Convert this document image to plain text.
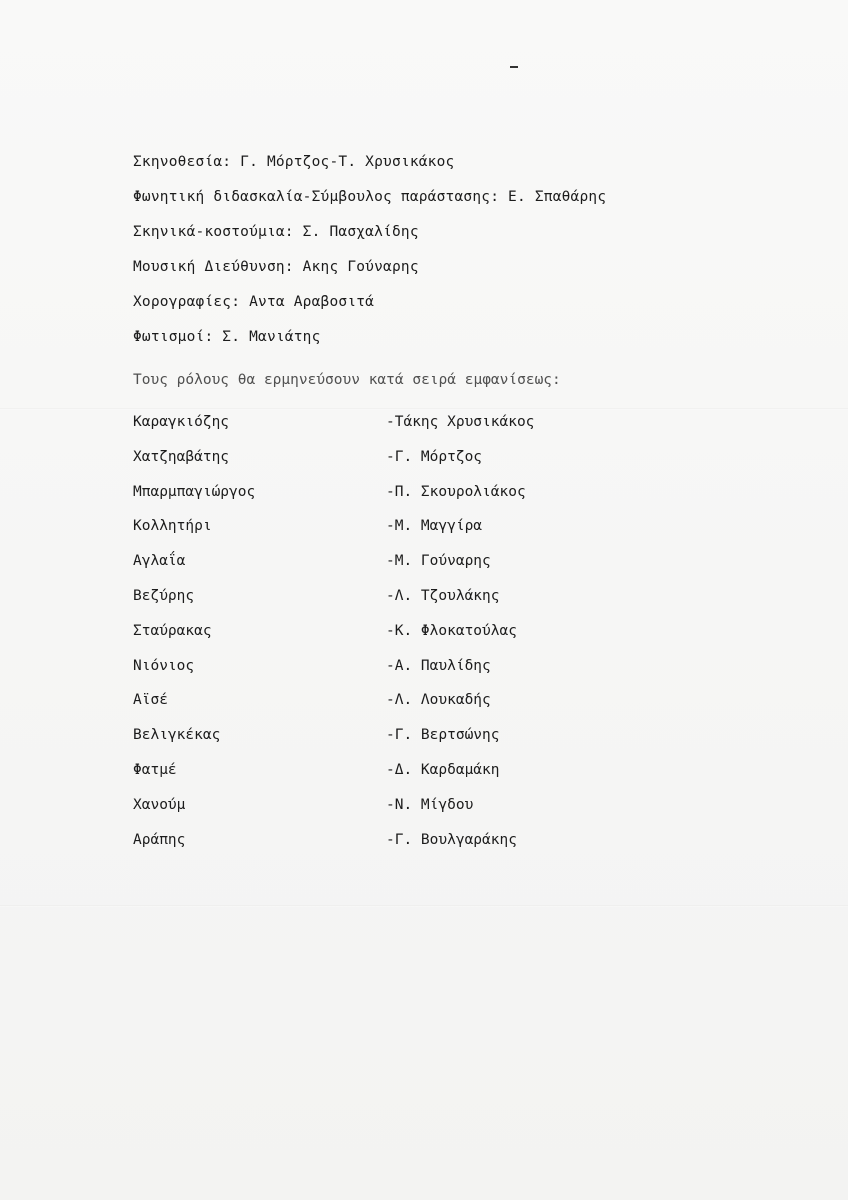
Σκηνοθεσία: Γ. Μόρτζος-Τ. Χρυσικάκος
Φωνητική διδασκαλία-Σύμβουλος παράστασης: Ε. Σπαθάρης
Σκηνικά-κοστούμια: Σ. Πασχαλίδης
Μουσική Διεύθυνση: Ακης Γούναρης
Χορογραφίες: Αντα Αραβοσιτά
Φωτισμοί: Σ. Μανιάτης
Τους ρόλους θα ερμηνεύσουν κατά σειρά εμφανίσεως:
Καραγκιόζης	-Τάκης Χρυσικάκος
Χατζηαβάτης	-Γ. Μόρτζος
Μπαρμπαγιώργος	-Π. Σκουρολιάκος
Κολλητήρι	-Μ. Μαγγίρα
Αγλαΐα	-Μ. Γούναρης
Βεζύρης	-Λ. Τζουλάκης
Σταύρακας	-Κ. Φλοκατούλας
Νιόνιος	-Α. Παυλίδης
Αϊσέ	-Λ. Λουκαδής
Βελιγκέκας	-Γ. Βερτσώνης
Φατμέ	-Δ. Καρδαμάκη
Χανούμ	-Ν. Μίγδου
Αράπης	-Γ. Βουλγαράκης
